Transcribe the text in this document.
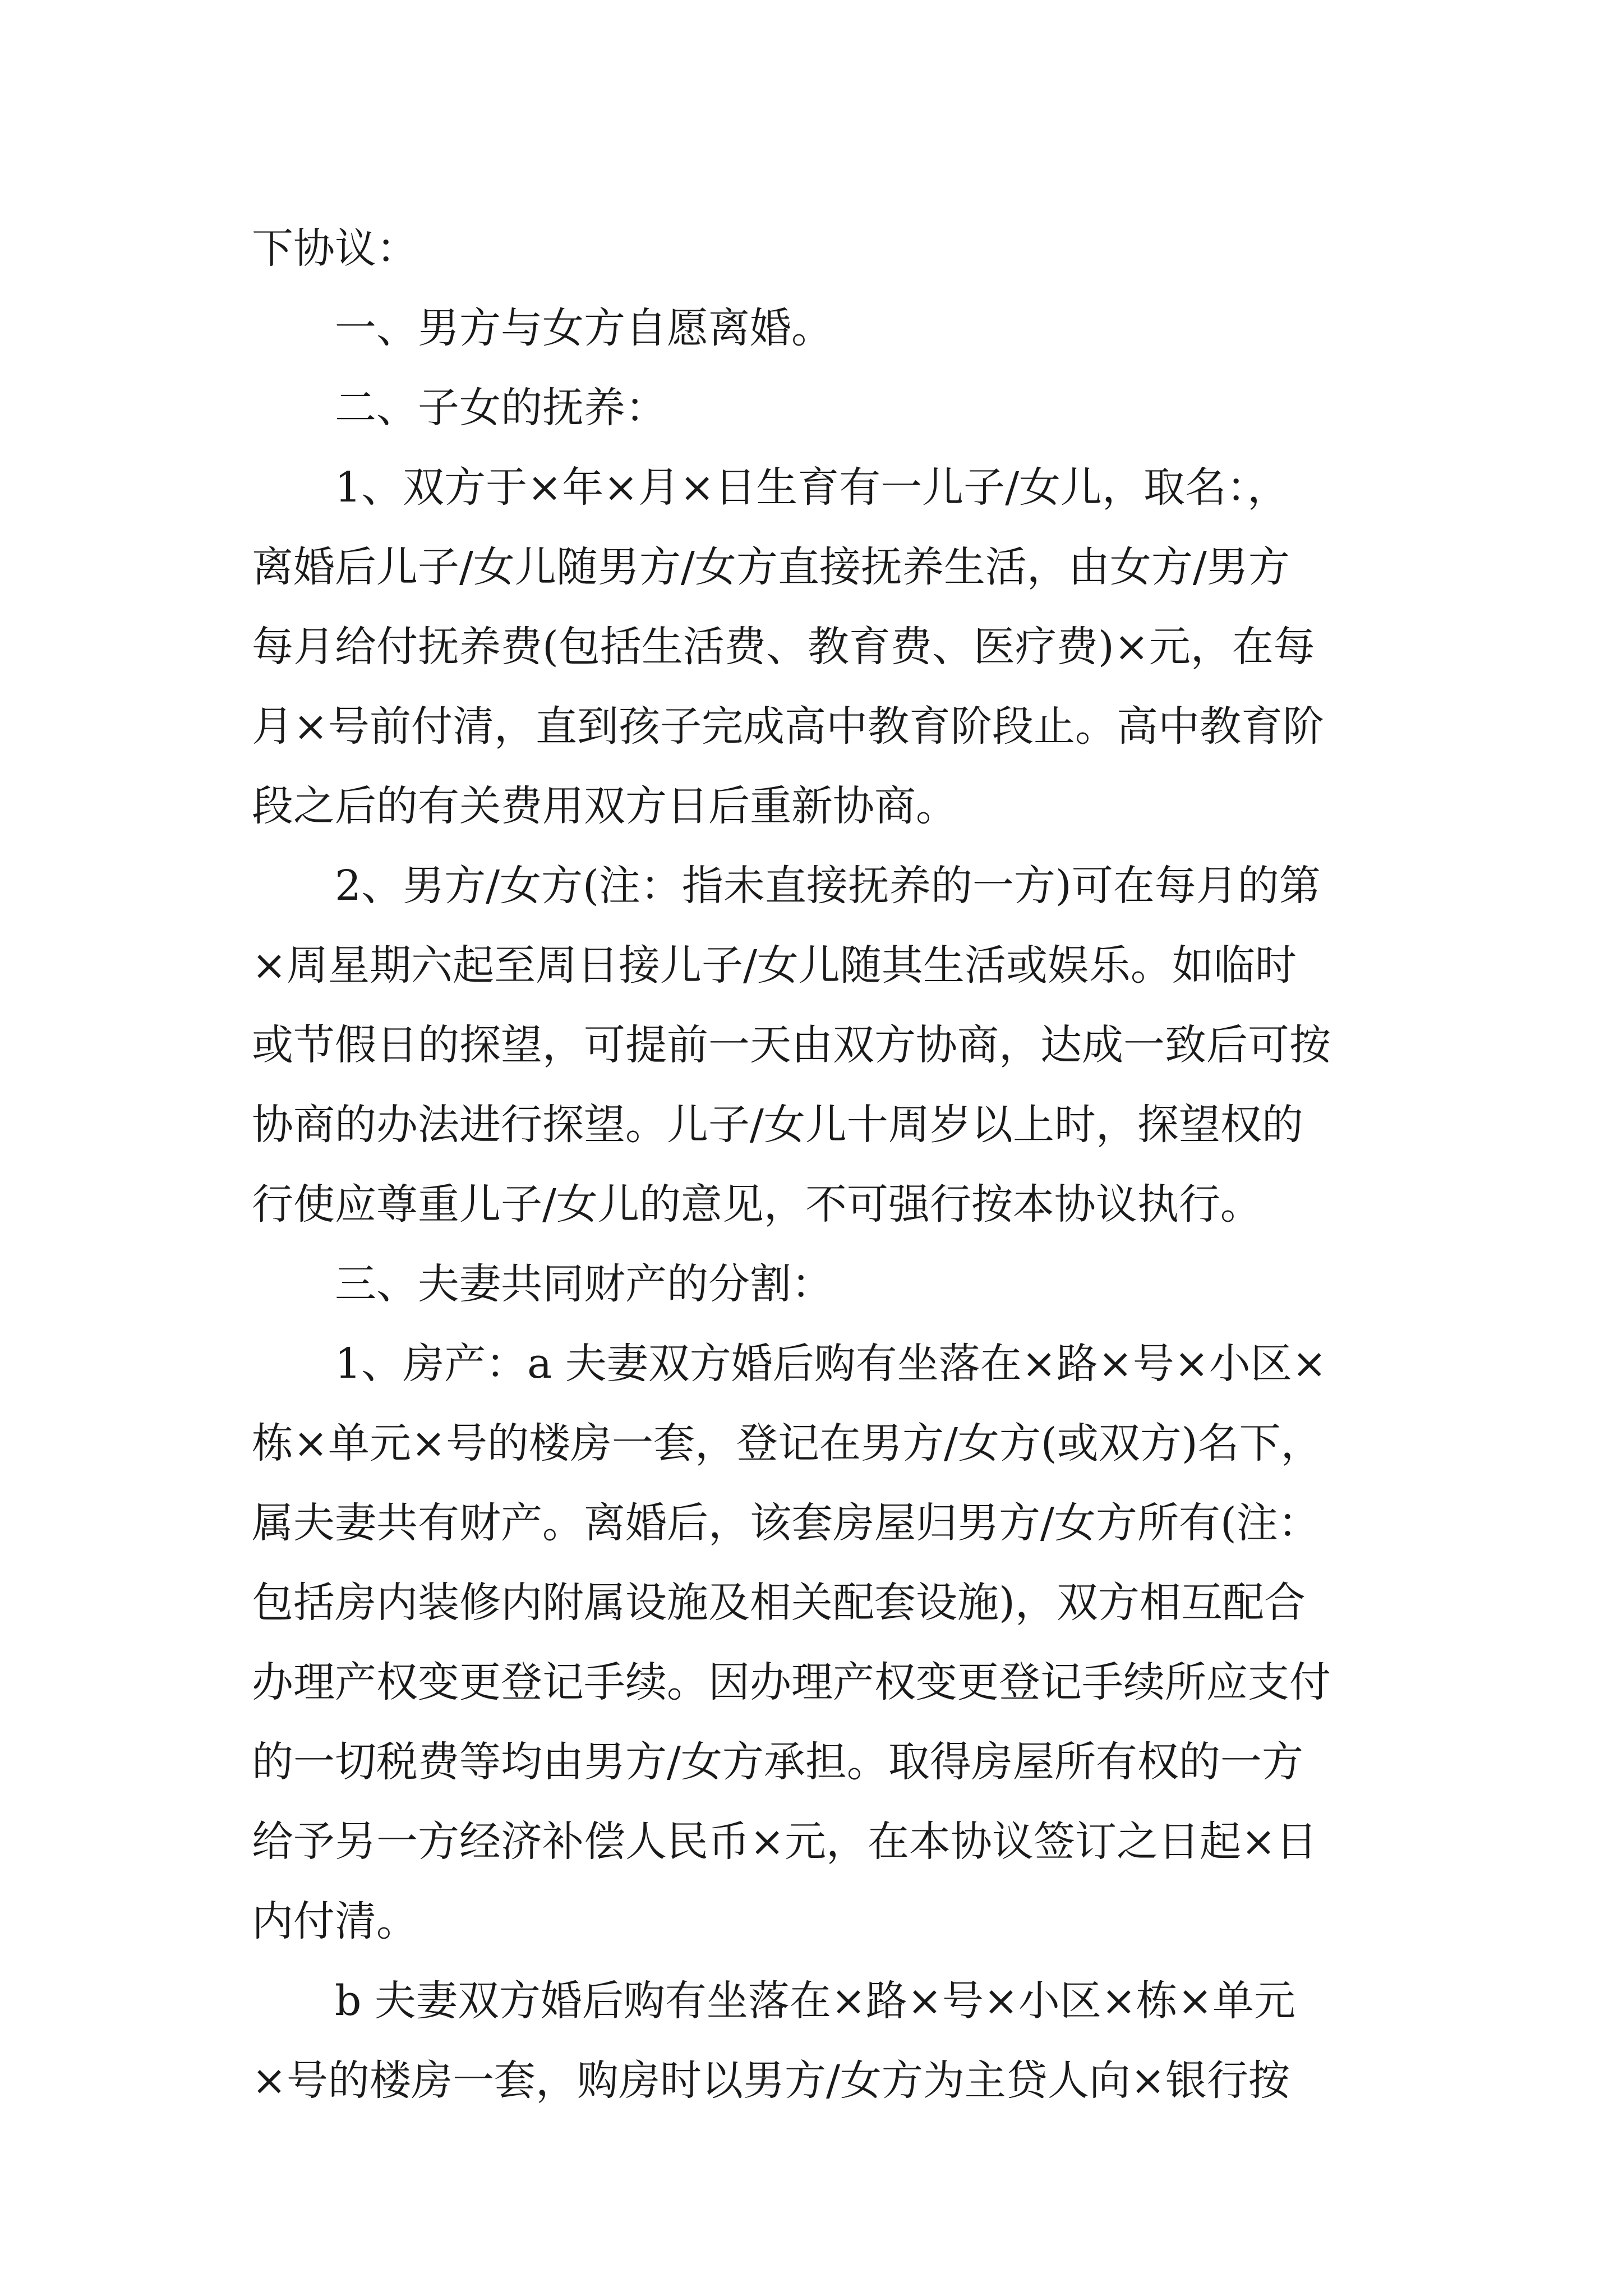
下协议：

一、男方与女方自愿离婚。

二、子女的抚养：

1、双方于×年×月×日生育有一儿子/女儿，取名：，
离婚后儿子/女儿随男方/女方直接抚养生活，由女方/男方
每月给付抚养费(包括生活费、教育费、医疗费)×元，在每
月×号前付清，直到孩子完成高中教育阶段止。高中教育阶
段之后的有关费用双方日后重新协商。

2、男方/女方(注：指未直接抚养的一方)可在每月的第
×周星期六起至周日接儿子/女儿随其生活或娱乐。如临时
或节假日的探望，可提前一天由双方协商，达成一致后可按
协商的办法进行探望。儿子/女儿十周岁以上时，探望权的
行使应尊重儿子/女儿的意见，不可强行按本协议执行。

三、夫妻共同财产的分割：

1、房产：a 夫妻双方婚后购有坐落在×路×号×小区×
栋×单元×号的楼房一套，登记在男方/女方(或双方)名下，
属夫妻共有财产。离婚后，该套房屋归男方/女方所有(注：
包括房内装修内附属设施及相关配套设施)，双方相互配合
办理产权变更登记手续。因办理产权变更登记手续所应支付
的一切税费等均由男方/女方承担。取得房屋所有权的一方
给予另一方经济补偿人民币×元，在本协议签订之日起×日
内付清。

b 夫妻双方婚后购有坐落在×路×号×小区×栋×单元
×号的楼房一套，购房时以男方/女方为主贷人向×银行按
